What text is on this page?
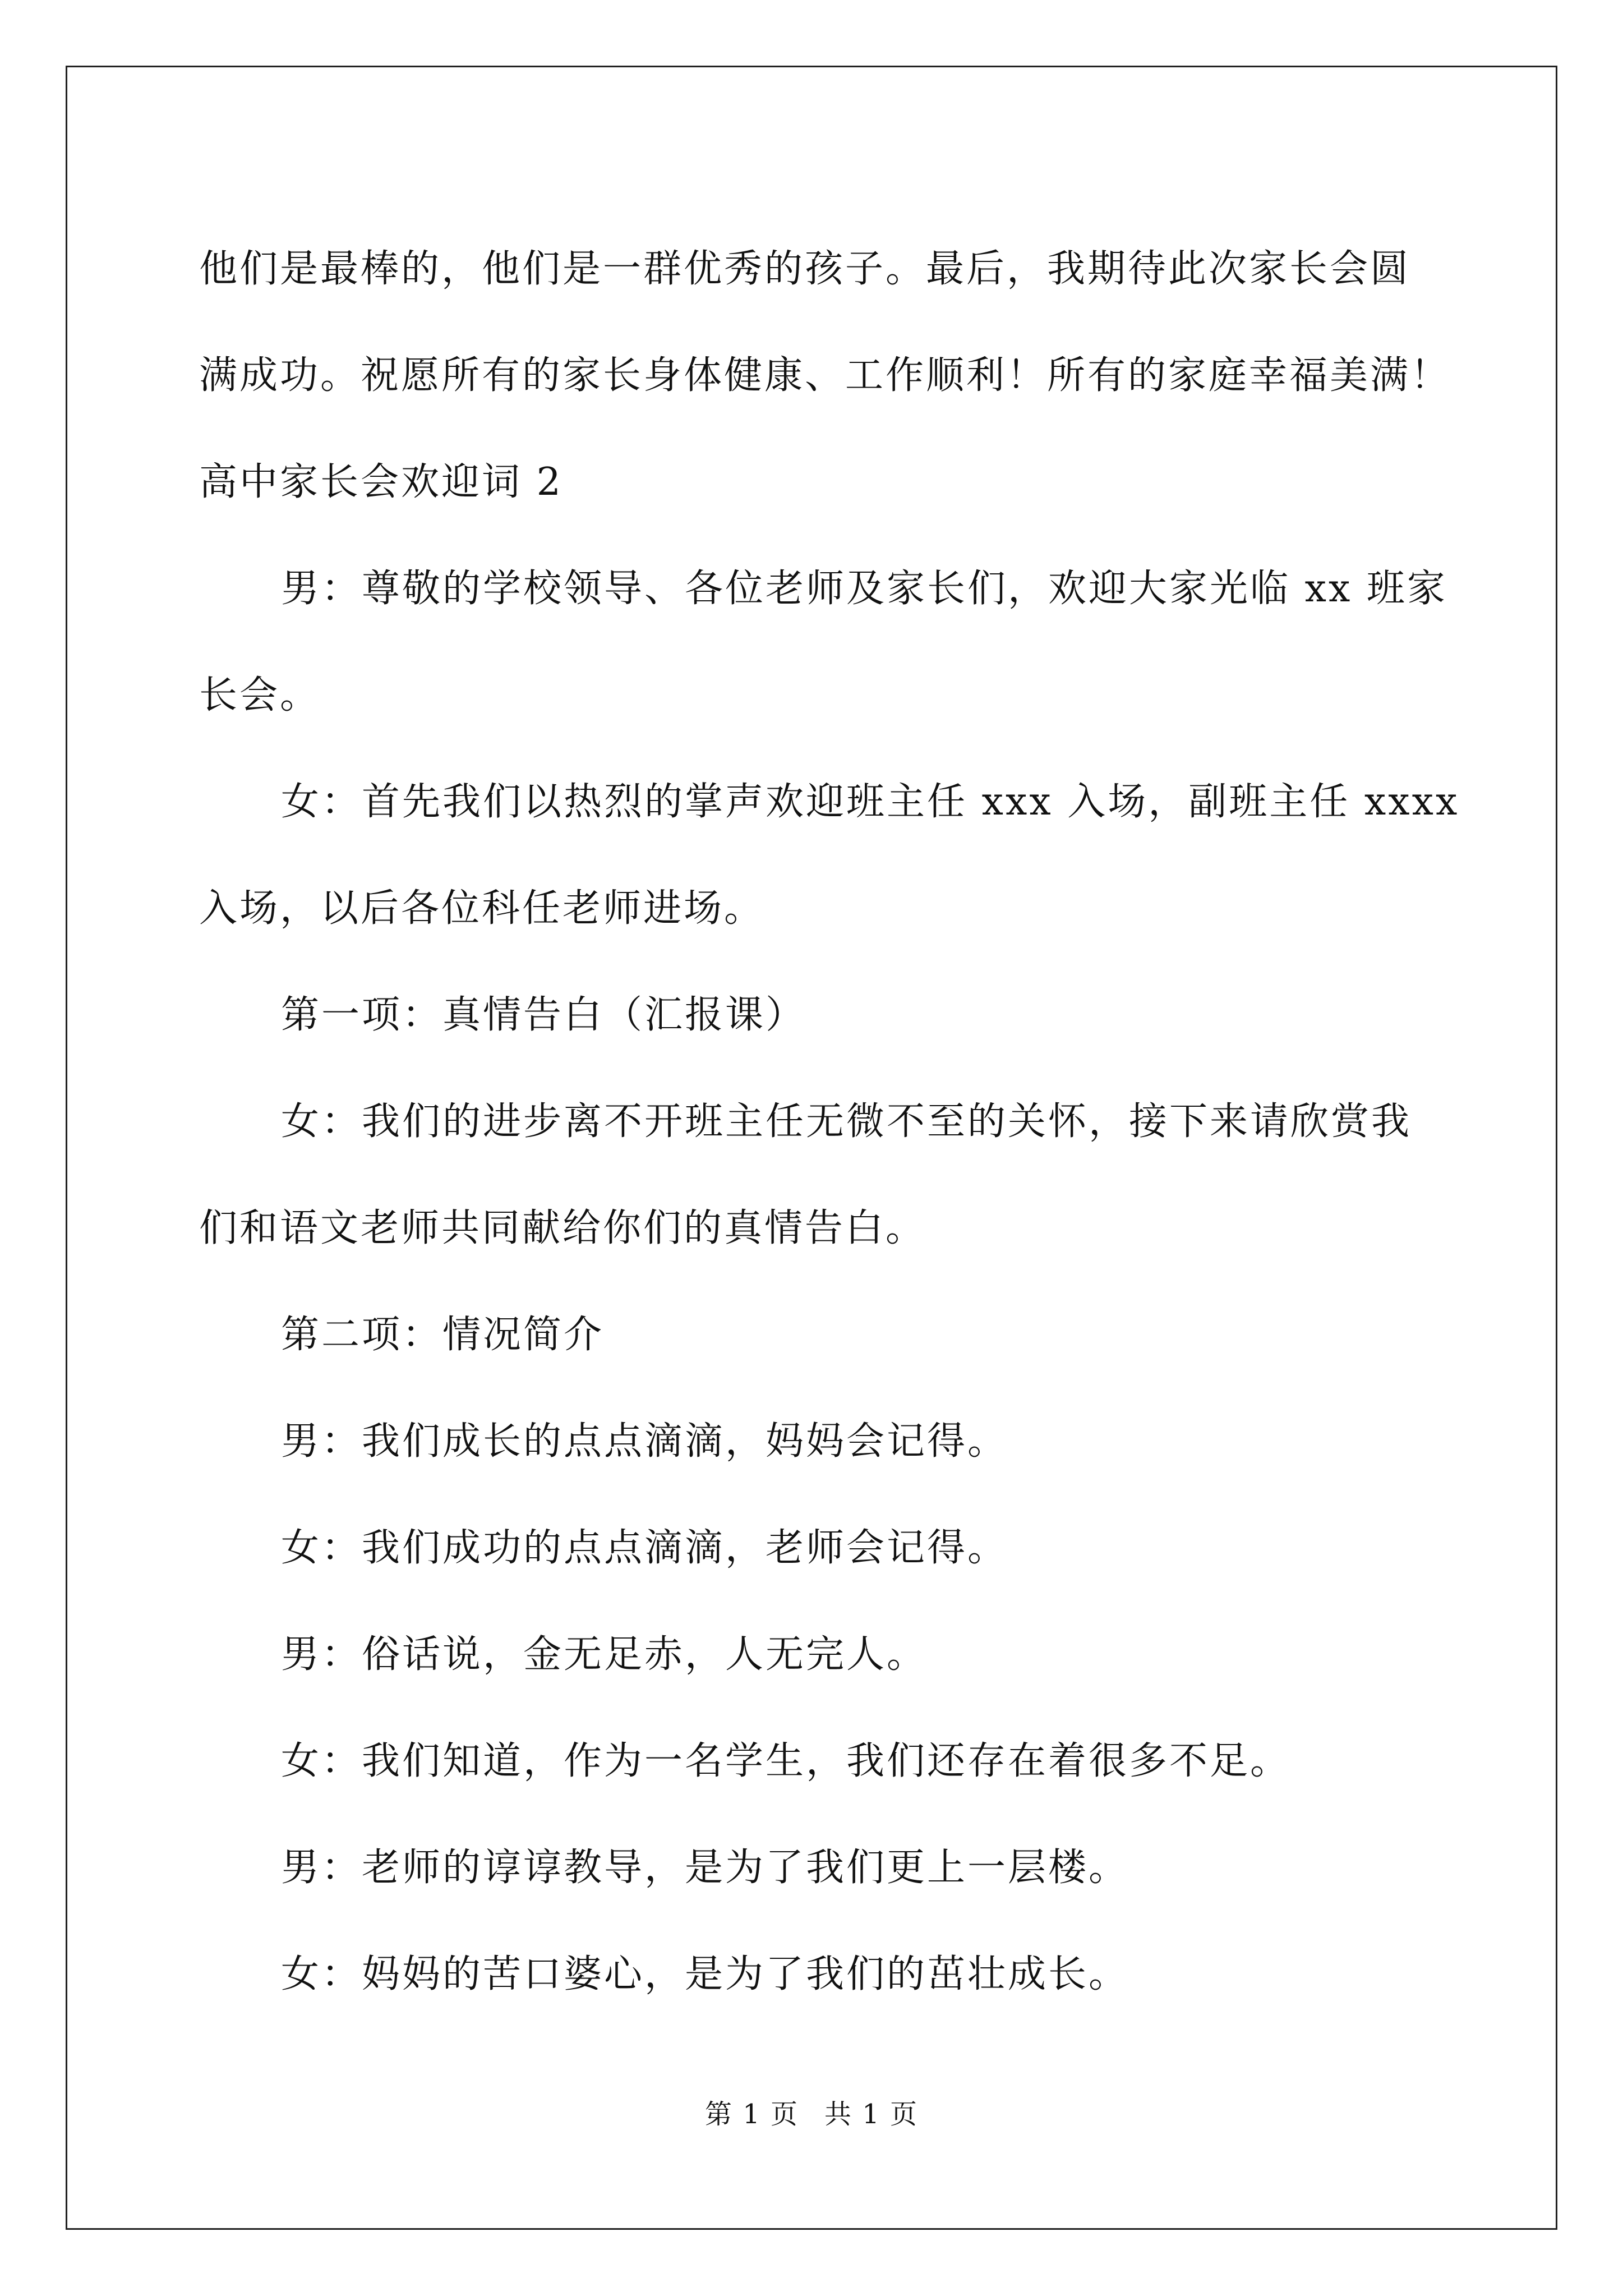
他们是最棒的，他们是一群优秀的孩子。最后，我期待此次家长会圆

满成功。祝愿所有的家长身体健康、工作顺利！所有的家庭幸福美满！

高中家长会欢迎词 2

男：尊敬的学校领导、各位老师及家长们，欢迎大家光临 xx 班家

长会。

女：首先我们以热烈的掌声欢迎班主任 xxx 入场，副班主任 xxxx

入场，以后各位科任老师进场。

第一项：真情告白（汇报课）

女：我们的进步离不开班主任无微不至的关怀，接下来请欣赏我

们和语文老师共同献给你们的真情告白。

第二项：情况简介

男：我们成长的点点滴滴，妈妈会记得。

女：我们成功的点点滴滴，老师会记得。

男：俗话说，金无足赤，人无完人。

女：我们知道，作为一名学生，我们还存在着很多不足。

男：老师的谆谆教导，是为了我们更上一层楼。

女：妈妈的苦口婆心，是为了我们的茁壮成长。

第 1 页 共 1 页
